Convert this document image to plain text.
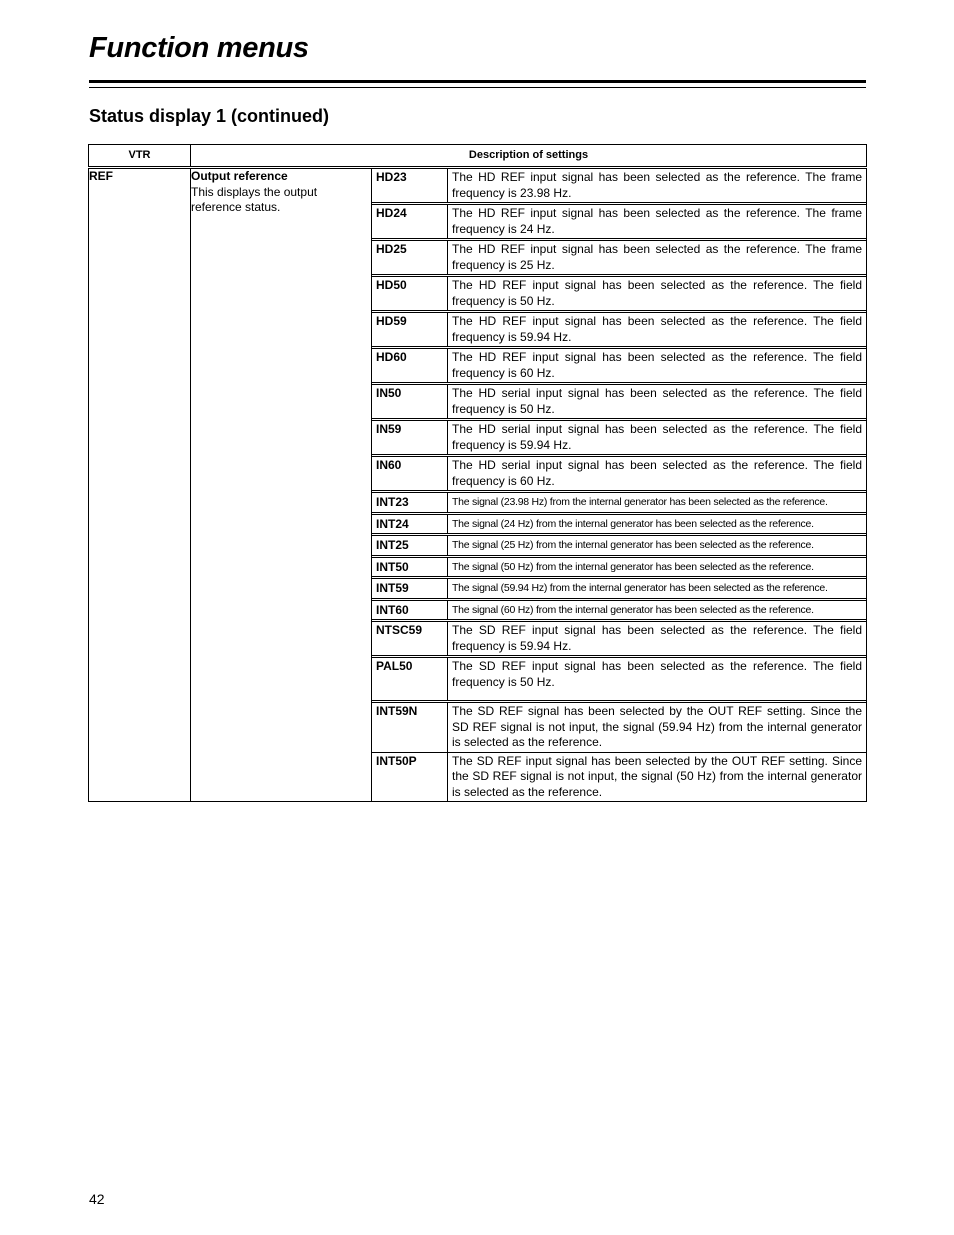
Function menus
Status display 1 (continued)
VTR	Description of settings
REF	Output reference
This displays the output reference status.

HD23	The HD REF input signal has been selected as the reference. The frame frequency is 23.98 Hz.
HD24	The HD REF input signal has been selected as the reference. The frame frequency is 24 Hz.
HD25	The HD REF input signal has been selected as the reference. The frame frequency is 25 Hz.
HD50	The HD REF input signal has been selected as the reference. The field frequency is 50 Hz.
HD59	The HD REF input signal has been selected as the reference. The field frequency is 59.94 Hz.
HD60	The HD REF input signal has been selected as the reference. The field frequency is 60 Hz.
IN50	The HD serial input signal has been selected as the reference. The field frequency is 50 Hz.
IN59	The HD serial input signal has been selected as the reference. The field frequency is 59.94 Hz.
IN60	The HD serial input signal has been selected as the reference. The field frequency is 60 Hz.
INT23	The signal (23.98 Hz) from the internal generator has been selected as the reference.
INT24	The signal (24 Hz) from the internal generator has been selected as the reference.
INT25	The signal (25 Hz) from the internal generator has been selected as the reference.
INT50	The signal (50 Hz) from the internal generator has been selected as the reference.
INT59	The signal (59.94 Hz) from the internal generator has been selected as the reference.
INT60	The signal (60 Hz) from the internal generator has been selected as the reference.
NTSC59	The SD REF input signal has been selected as the reference. The field frequency is 59.94 Hz.
PAL50	The SD REF input signal has been selected as the reference. The field frequency is 50 Hz.
INT59N	The SD REF signal has been selected by the OUT REF setting. Since the SD REF signal is not input, the signal (59.94 Hz) from the internal generator is selected as the reference.
INT50P	The SD REF input signal has been selected by the OUT REF setting. Since the SD REF signal is not input, the signal (50 Hz) from the internal generator is selected as the reference.
42
